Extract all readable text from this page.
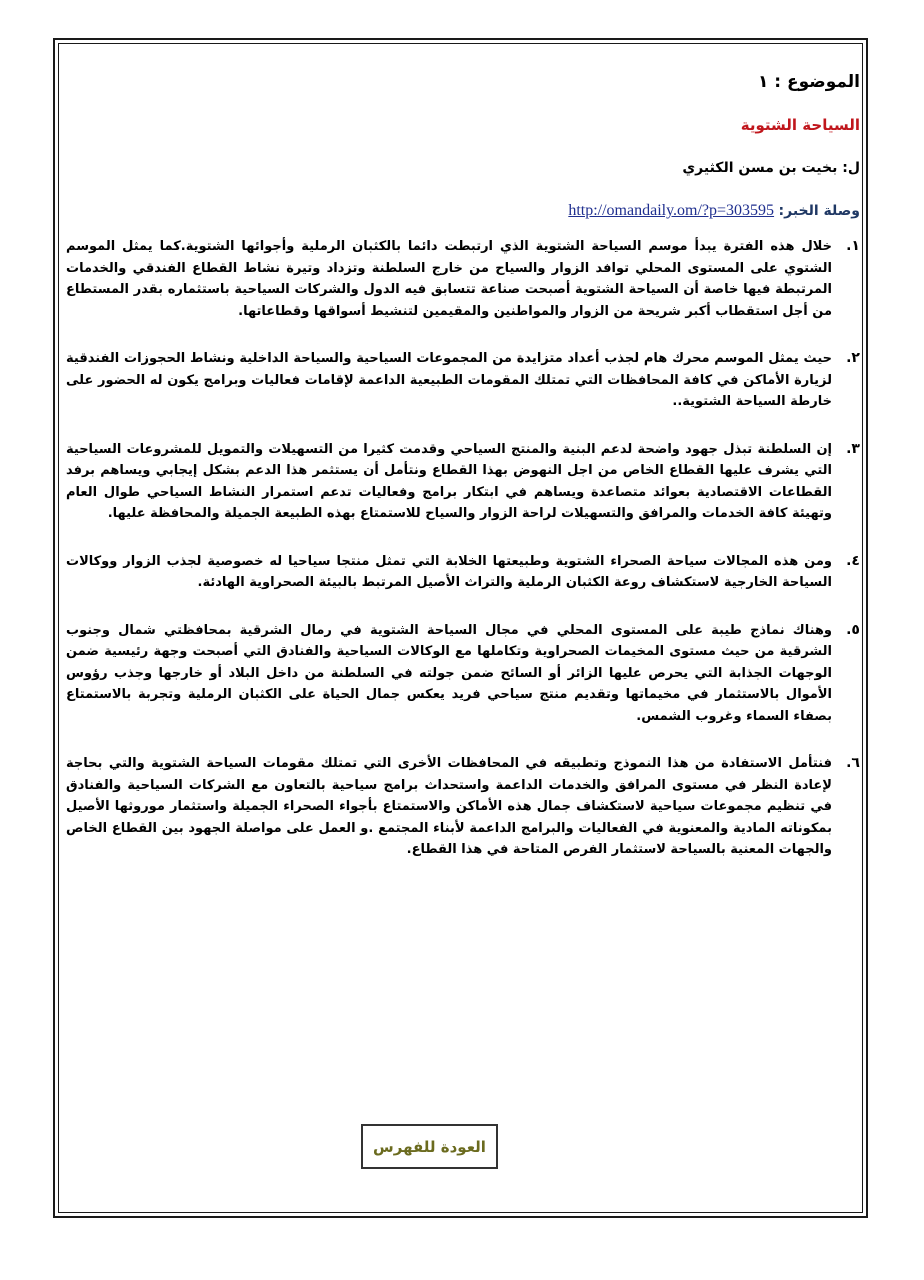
الموضوع : ١
السياحة الشتوية
ل: بخيت بن مسن الكثيري
وصلة الخبر: http://omandaily.om/?p=303595
١.
خلال هذه الفترة يبدأ موسم السياحة الشتوية الذي ارتبطت دائما بالكثبان الرملية وأجوائها الشتوية.كما يمثل الموسم الشتوي على المستوى المحلي توافد الزوار والسياح من خارج السلطنة وتزداد وتيرة نشاط القطاع الفندقي والخدمات المرتبطة فيها خاصة أن السياحة الشتوية أصبحت صناعة تتسابق فيه الدول والشركات السياحية باستثماره بقدر المستطاع من أجل استقطاب أكبر شريحة من الزوار والمواطنين والمقيمين لتنشيط أسواقها وقطاعاتها.
٢.
حيث يمثل الموسم محرك هام لجذب أعداد متزايدة من المجموعات السياحية والسياحة الداخلية ونشاط الحجوزات الفندقية لزيارة الأماكن في كافة المحافظات التي تمتلك المقومات الطبيعية الداعمة لإقامات فعاليات وبرامج يكون له الحضور على خارطة السياحة الشتوية..
٣.
إن السلطنة تبذل جهود واضحة لدعم البنية والمنتج السياحي وقدمت كثيرا من التسهيلات والتمويل للمشروعات السياحية التي يشرف عليها القطاع الخاص من اجل النهوض بهذا القطاع ونتأمل أن يستثمر هذا الدعم بشكل إيجابي ويساهم برفد القطاعات الاقتصادية بعوائد متصاعدة ويساهم في ابتكار برامج وفعاليات تدعم استمرار النشاط السياحي طوال العام وتهيئة كافة الخدمات والمرافق والتسهيلات لراحة الزوار والسياح للاستمتاع بهذه الطبيعة الجميلة والمحافظة عليها.
٤.
ومن هذه المجالات سياحة الصحراء الشتوية وطبيعتها الخلابة التي تمثل منتجا سياحيا له خصوصية لجذب الزوار ووكالات السياحة الخارجية لاستكشاف روعة الكثبان الرملية والتراث الأصيل المرتبط بالبيئة الصحراوية الهادئة.
٥.
وهناك نماذج طيبة على المستوى المحلي في مجال السياحة الشتوية في رمال الشرقية بمحافظتي شمال وجنوب الشرقية من حيث مستوى المخيمات الصحراوية وتكاملها مع الوكالات السياحية والفنادق التي أصبحت وجهة رئيسية ضمن الوجهات الجذابة التي يحرص عليها الزائر أو السائح ضمن جولته في السلطنة من داخل البلاد أو خارجها وجذب رؤوس الأموال بالاستثمار في مخيماتها وتقديم منتج سياحي فريد يعكس جمال الحياة على الكثبان الرملية وتجربة بالاستمتاع بصفاء السماء وغروب الشمس.
٦.
فنتأمل الاستفادة من هذا النموذج وتطبيقه في المحافظات الأخرى التي تمتلك مقومات السياحة الشتوية والتي بحاجة لإعادة النظر في مستوى المرافق والخدمات الداعمة واستحداث برامج سياحية بالتعاون مع الشركات السياحية والفنادق في تنظيم مجموعات سياحية لاستكشاف جمال هذه الأماكن والاستمتاع بأجواء الصحراء الجميلة واستثمار موروثها الأصيل بمكوناته المادية والمعنوية في الفعاليات والبرامج الداعمة لأبناء المجتمع .و العمل على مواصلة الجهود بين القطاع الخاص والجهات المعنية بالسياحة لاستثمار الفرص المتاحة في هذا القطاع.
العودة للفهرس
